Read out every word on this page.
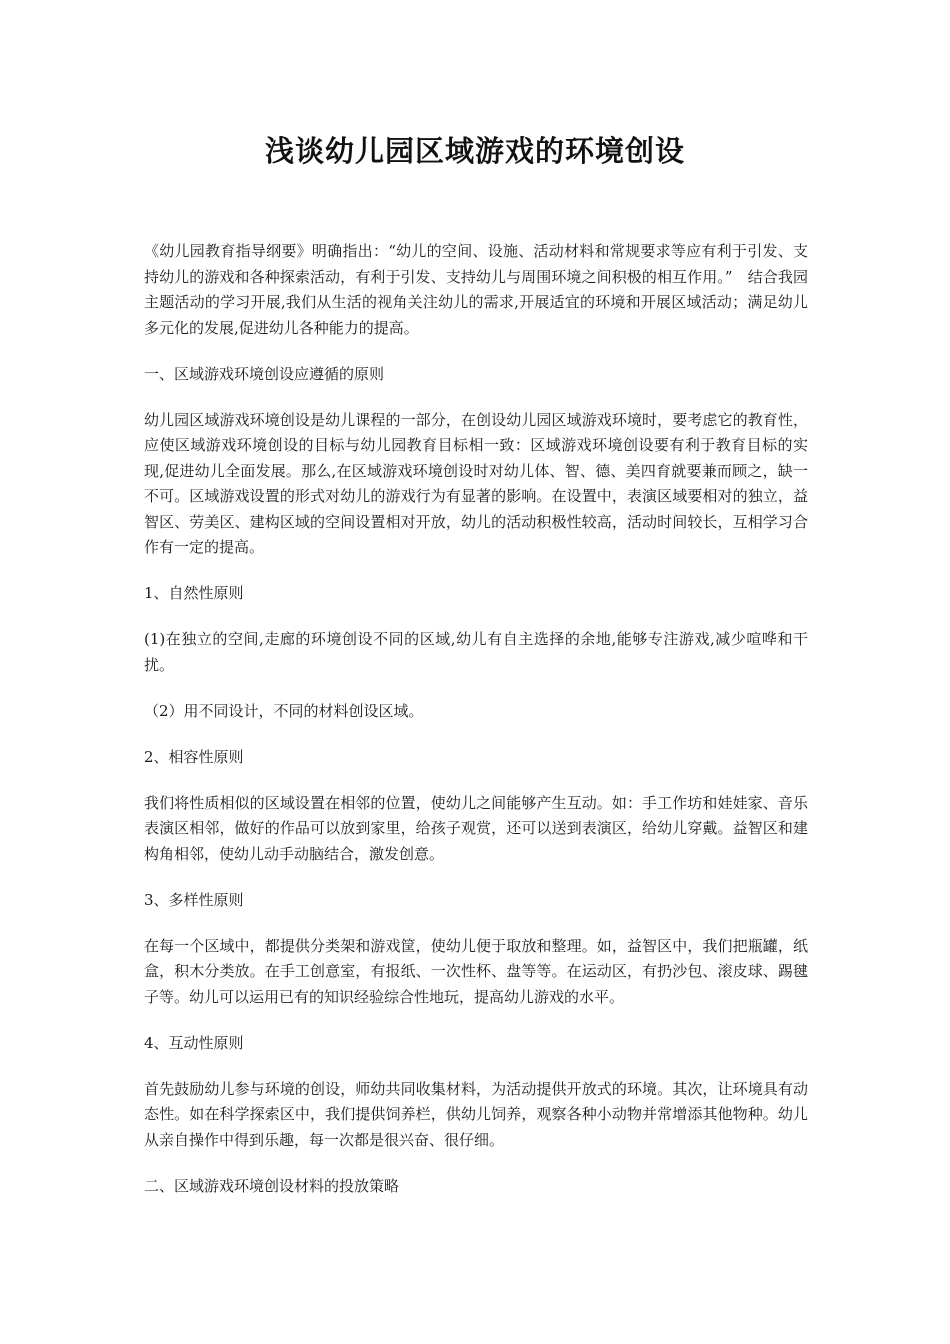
浅谈幼儿园区域游戏的环境创设

《幼儿园教育指导纲要》明确指出：“幼儿的空间、设施、活动材料和常规要求等应有利于引发、支持幼儿的游戏和各种探索活动，有利于引发、支持幼儿与周围环境之间积极的相互作用。”　结合我园主题活动的学习开展,我们从生活的视角关注幼儿的需求,开展适宜的环境和开展区域活动；满足幼儿多元化的发展,促进幼儿各种能力的提高。

一、区域游戏环境创设应遵循的原则

幼儿园区域游戏环境创设是幼儿课程的一部分，在创设幼儿园区域游戏环境时，要考虑它的教育性，应使区域游戏环境创设的目标与幼儿园教育目标相一致：区域游戏环境创设要有利于教育目标的实现,促进幼儿全面发展。那么,在区域游戏环境创设时对幼儿体、智、德、美四育就要兼而顾之，缺一不可。区域游戏设置的形式对幼儿的游戏行为有显著的影响。在设置中，表演区域要相对的独立，益智区、劳美区、建构区域的空间设置相对开放，幼儿的活动积极性较高，活动时间较长，互相学习合作有一定的提高。

1、自然性原则

(1)在独立的空间,走廊的环境创设不同的区域,幼儿有自主选择的余地,能够专注游戏,减少喧哗和干扰。

（2）用不同设计，不同的材料创设区域。

2、相容性原则

我们将性质相似的区域设置在相邻的位置，使幼儿之间能够产生互动。如：手工作坊和娃娃家、音乐表演区相邻，做好的作品可以放到家里，给孩子观赏，还可以送到表演区，给幼儿穿戴。益智区和建构角相邻，使幼儿动手动脑结合，激发创意。

3、多样性原则

在每一个区域中，都提供分类架和游戏筐，使幼儿便于取放和整理。如，益智区中，我们把瓶罐，纸盒，积木分类放。在手工创意室，有报纸、一次性杯、盘等等。在运动区，有扔沙包、滚皮球、踢毽子等。幼儿可以运用已有的知识经验综合性地玩，提高幼儿游戏的水平。

4、互动性原则

首先鼓励幼儿参与环境的创设，师幼共同收集材料，为活动提供开放式的环境。其次，让环境具有动态性。如在科学探索区中，我们提供饲养栏，供幼儿饲养，观察各种小动物并常增添其他物种。幼儿从亲自操作中得到乐趣，每一次都是很兴奋、很仔细。

二、区域游戏环境创设材料的投放策略
